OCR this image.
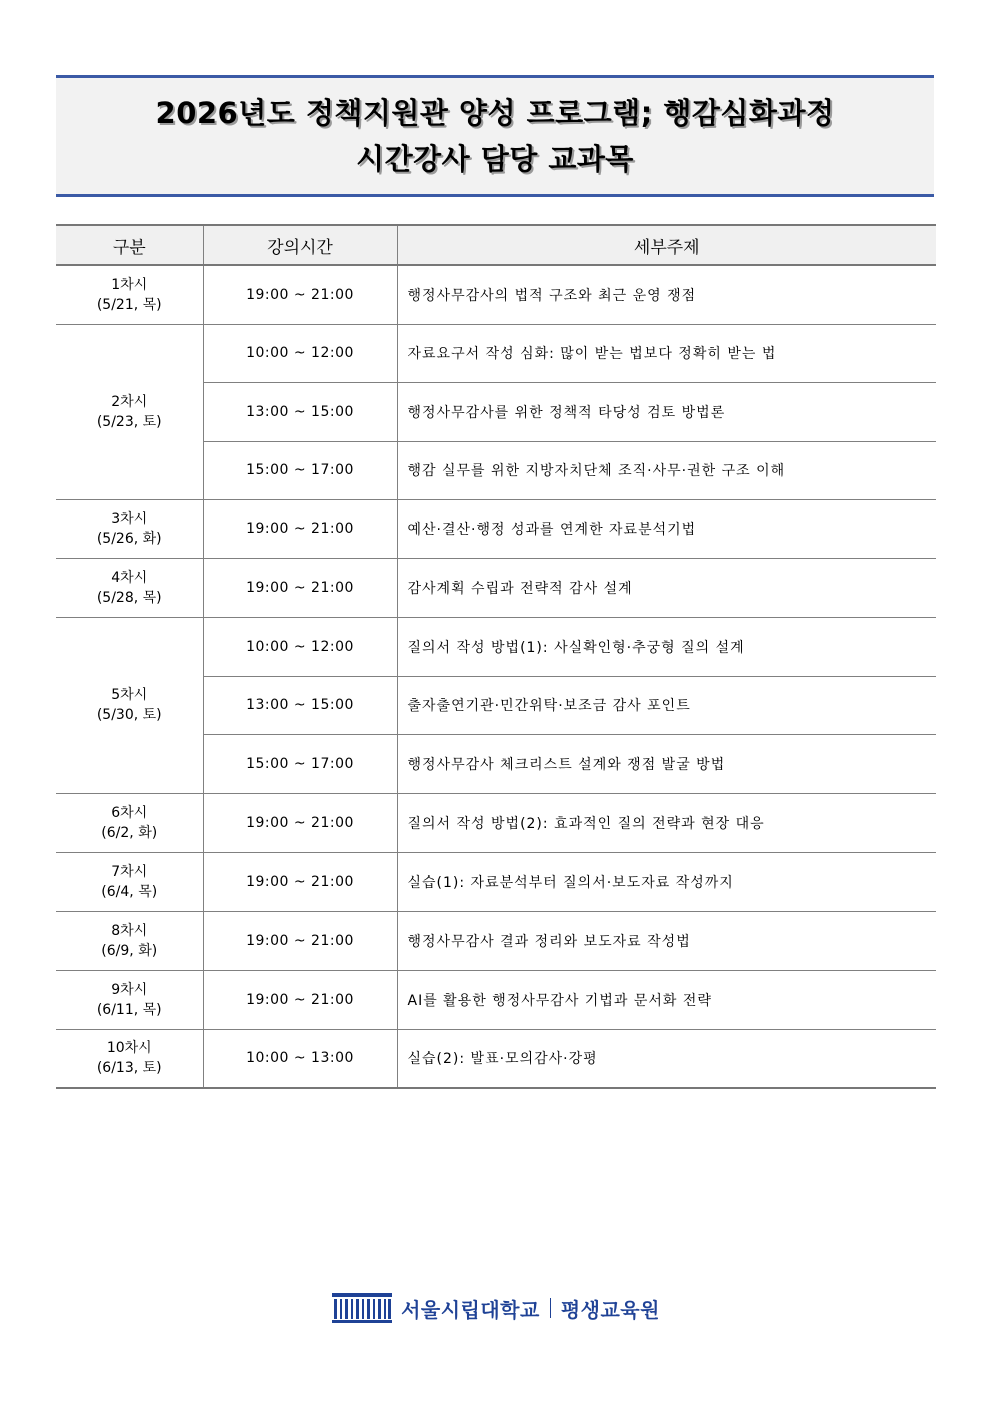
2026년도 정책지원관 양성 프로그램; 행감심화과정
시간강사 담당 교과목
구분	강의시간	세부주제

1차시
(5/21, 목)	19:00 ~ 21:00	행정사무감사의 법적 구조와 최근 운영 쟁점

2차시
(5/23, 토)	10:00 ~ 12:00	자료요구서 작성 심화: 많이 받는 법보다 정확히 받는 법
	13:00 ~ 15:00	행정사무감사를 위한 정책적 타당성 검토 방법론
	15:00 ~ 17:00	행감 실무를 위한 지방자치단체 조직·사무·권한 구조 이해

3차시
(5/26, 화)	19:00 ~ 21:00	예산·결산·행정 성과를 연계한 자료분석기법

4차시
(5/28, 목)	19:00 ~ 21:00	감사계획 수립과 전략적 감사 설계

5차시
(5/30, 토)	10:00 ~ 12:00	질의서 작성 방법(1): 사실확인형·추궁형 질의 설계
	13:00 ~ 15:00	출자출연기관·민간위탁·보조금 감사 포인트
	15:00 ~ 17:00	행정사무감사 체크리스트 설계와 쟁점 발굴 방법

6차시
(6/2, 화)	19:00 ~ 21:00	질의서 작성 방법(2): 효과적인 질의 전략과 현장 대응

7차시
(6/4, 목)	19:00 ~ 21:00	실습(1): 자료분석부터 질의서·보도자료 작성까지

8차시
(6/9, 화)	19:00 ~ 21:00	행정사무감사 결과 정리와 보도자료 작성법

9차시
(6/11, 목)	19:00 ~ 21:00	AI를 활용한 행정사무감사 기법과 문서화 전략

10차시
(6/13, 토)	10:00 ~ 13:00	실습(2): 발표·모의감사·강평
서울시립대학교 평생교육원
